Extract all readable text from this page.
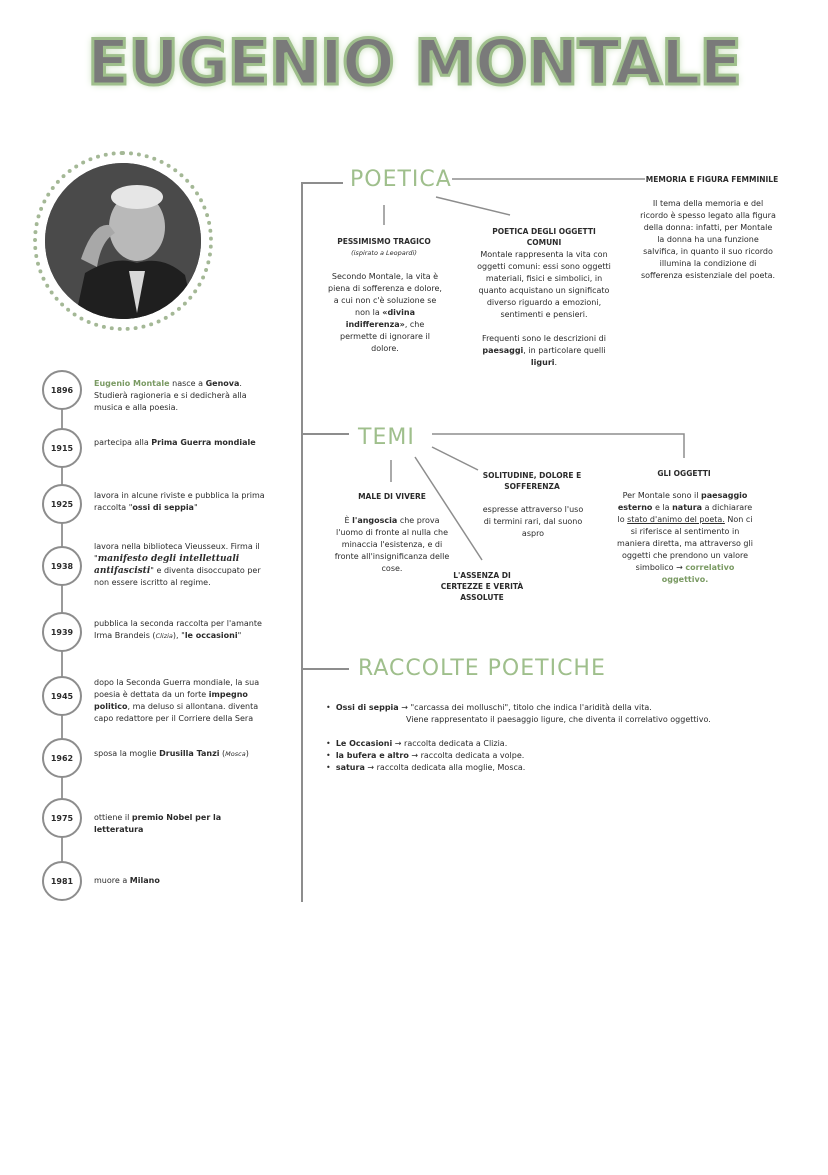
EUGENIO MONTALE
1896
Eugenio Montale nasce a Genova.
Studierà ragioneria e si dedicherà alla musica e alla poesia.
1915
partecipa alla Prima Guerra mondiale
1925
lavora in alcune riviste e pubblica la prima raccolta "ossi di seppia"
1938
lavora nella biblioteca Vieusseux. Firma il "manifesto degli intellettuali antifascisti" e diventa disoccupato per non essere iscritto al regime.
1939
pubblica la seconda raccolta per l'amante Irma Brandeis (Clizia), "le occasioni"
1945
dopo la Seconda Guerra mondiale, la sua poesia è dettata da un forte impegno politico, ma deluso si allontana. diventa capo redattore per il Corriere della Sera
1962	sposa la moglie Drusilla Tanzi (Mosca)
1975	ottiene il premio Nobel per la letteratura
1981	muore a Milano
POETICA	MEMORIA E FIGURA FEMMINILE
Il tema della memoria e del ricordo è spesso legato alla figura della donna: infatti, per Montale la donna ha una funzione salvifica, in quanto il suo ricordo illumina la condizione di sofferenza esistenziale del poeta.
PESSIMISMO TRAGICO
(ispirato a Leopardi)
Secondo Montale, la vita è piena di sofferenza e dolore, a cui non c'è soluzione se non la «divina indifferenza», che permette di ignorare il dolore.
POETICA DEGLI OGGETTI COMUNI
Montale rappresenta la vita con oggetti comuni: essi sono oggetti materiali, fisici e simbolici, in quanto acquistano un significato diverso riguardo a emozioni, sentimenti e pensieri.
Frequenti sono le descrizioni di paesaggi, in particolare quelli liguri.
TEMI
MALE DI VIVERE
È l'angoscia che prova l'uomo di fronte al nulla che minaccia l'esistenza, e di fronte all'insignificanza delle cose.
L'ASSENZA DI CERTEZZE E VERITÀ ASSOLUTE
SOLITUDINE, DOLORE E SOFFERENZA
espresse attraverso l'uso di termini rari, dal suono aspro
GLI OGGETTI
Per Montale sono il paesaggio esterno e la natura a dichiarare lo stato d'animo del poeta. Non ci si riferisce al sentimento in maniera diretta, ma attraverso gli oggetti che prendono un valore simbolico → correlativo oggettivo.
RACCOLTE POETICHE
•  Ossi di seppia → "carcassa dei molluschi", titolo che indica l'aridità della vita.
Viene rappresentato il paesaggio ligure, che diventa il correlativo oggettivo.
•  Le Occasioni → raccolta dedicata a Clizia.
•  la bufera e altro → raccolta dedicata a volpe.
•  satura → raccolta dedicata alla moglie, Mosca.
